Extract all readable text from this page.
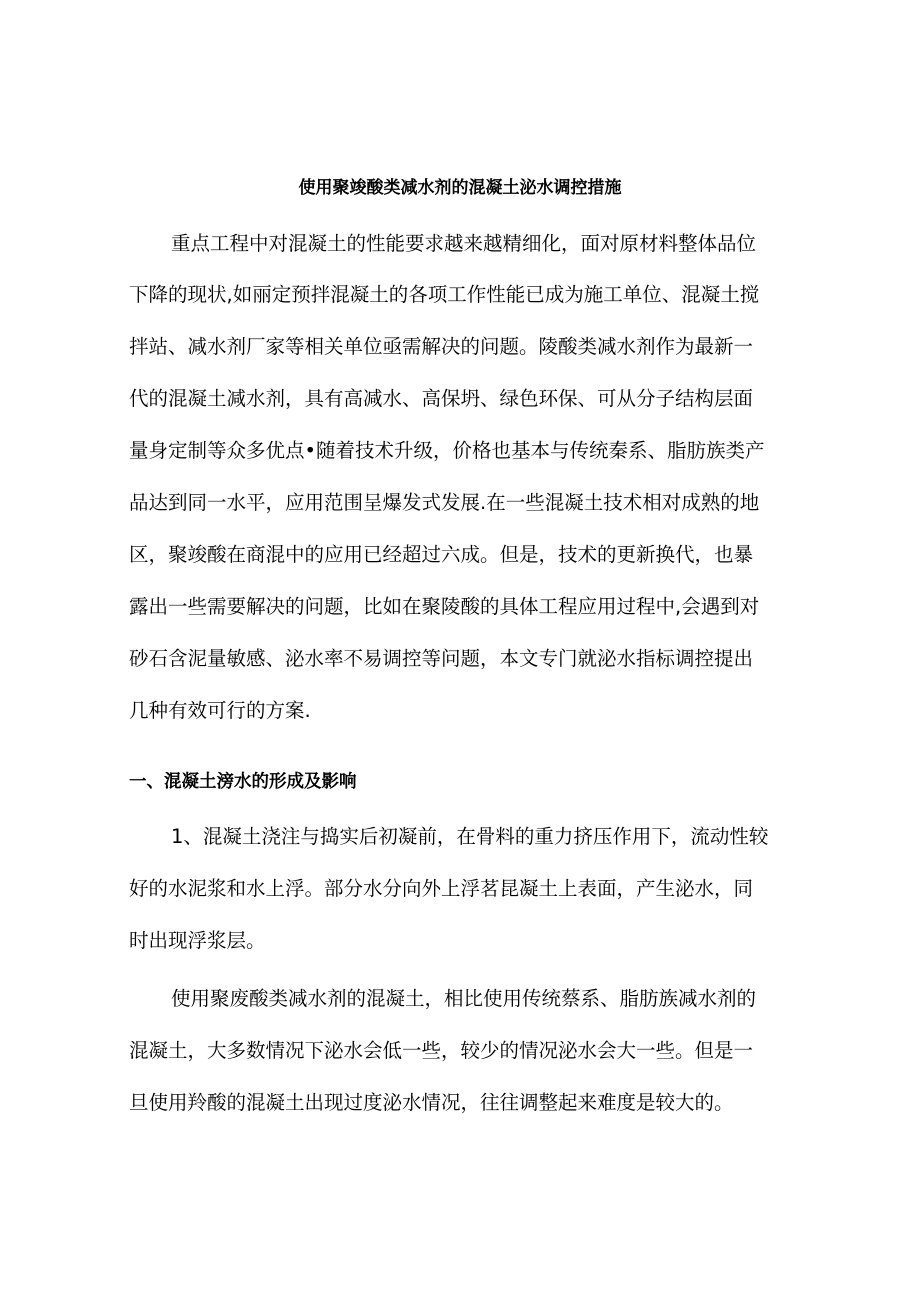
使用聚竣酸类减水剂的混凝土泌水调控措施

重点工程中对混凝土的性能要求越来越精细化，面对原材料整体品位

下降的现状,如丽定预拌混凝土的各项工作性能已成为施工单位、混凝土搅

拌站、减水剂厂家等相关单位亟需解决的问题。陵酸类减水剂作为最新一

代的混凝土减水剂，具有高减水、高保坍、绿色环保、可从分子结构层面

量身定制等众多优点•随着技术升级，价格也基本与传统秦系、脂肪族类产

品达到同一水平，应用范围呈爆发式发展.在一些混凝土技术相对成熟的地

区，聚竣酸在商混中的应用已经超过六成。但是，技术的更新换代，也暴

露出一些需要解决的问题，比如在聚陵酸的具体工程应用过程中,会遇到对

砂石含泥量敏感、泌水率不易调控等问题，本文专门就泌水指标调控提出

几种有效可行的方案.

一、混凝土滂水的形成及影响

1、混凝土浇注与捣实后初凝前，在骨料的重力挤压作用下，流动性较

好的水泥浆和水上浮。部分水分向外上浮茗昆凝土上表面，产生泌水，同

时出现浮浆层。

使用聚废酸类减水剂的混凝土，相比使用传统蔡系、脂肪族减水剂的

混凝土，大多数情况下泌水会低一些，较少的情况泌水会大一些。但是一

旦使用羚酸的混凝土出现过度泌水情况，往往调整起来难度是较大的。
